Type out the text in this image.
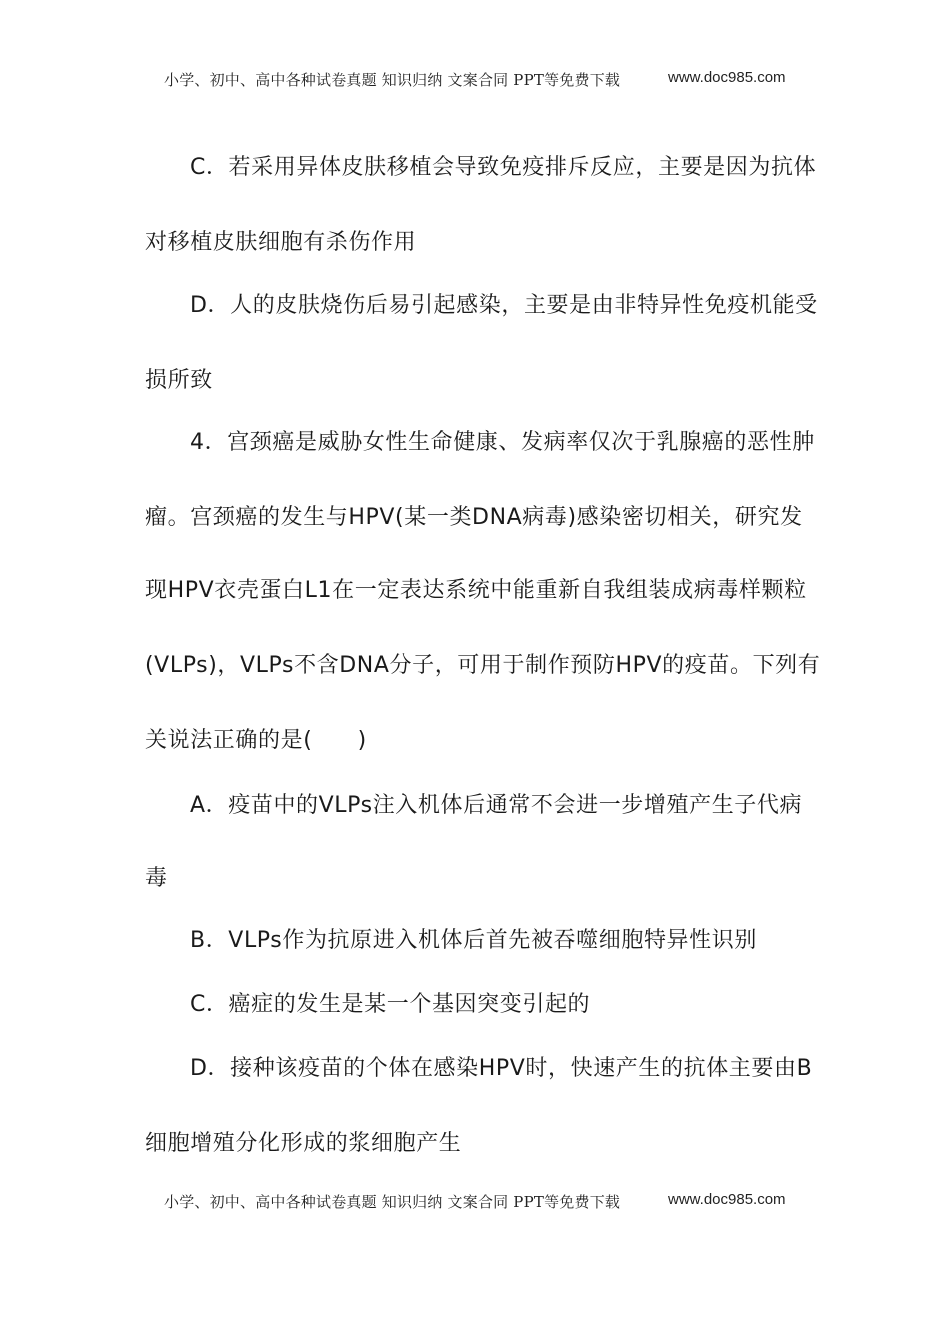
小学、初中、高中各种试卷真题 知识归纳 文案合同 PPT等免费下载	www.doc985.com
C．若采用异体皮肤移植会导致免疫排斥反应，主要是因为抗体
对移植皮肤细胞有杀伤作用
D．人的皮肤烧伤后易引起感染，主要是由非特异性免疫机能受
损所致
4．宫颈癌是威胁女性生命健康、发病率仅次于乳腺癌的恶性肿
瘤。宫颈癌的发生与HPV(某一类DNA病毒)感染密切相关，研究发
现HPV衣壳蛋白L1在一定表达系统中能重新自我组装成病毒样颗粒
(VLPs)，VLPs不含DNA分子，可用于制作预防HPV的疫苗。下列有
关说法正确的是(　　)
A．疫苗中的VLPs注入机体后通常不会进一步增殖产生子代病
毒
B．VLPs作为抗原进入机体后首先被吞噬细胞特异性识别
C．癌症的发生是某一个基因突变引起的
D．接种该疫苗的个体在感染HPV时，快速产生的抗体主要由B
细胞增殖分化形成的浆细胞产生
小学、初中、高中各种试卷真题 知识归纳 文案合同 PPT等免费下载	www.doc985.com
